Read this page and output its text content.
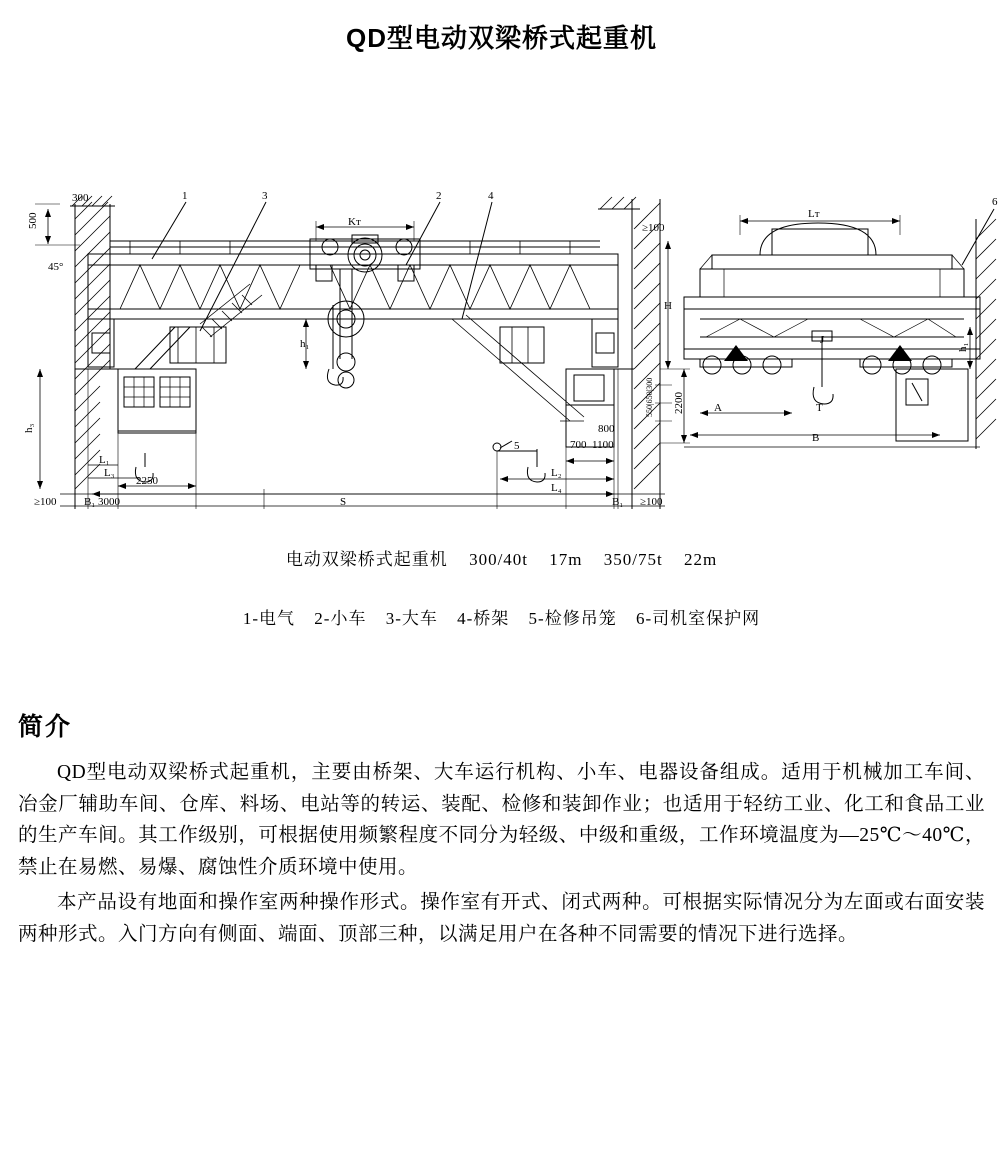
QD型电动双梁桥式起重机
1	3	2	4
5
6
500
300
45°
h₃
L₁
L₃
2250
≥100 B₁ 3000	S
L₂
L₄
B₁ ≥100
700 1100
800
Kт
h₁
H
≥100
2200
550|650|300
Lт
h₁
A	T
B
J
电动双梁桥式起重机 300/40t 17m 350/75t 22m
1-电气 2-小车 3-大车 4-桥架 5-检修吊笼 6-司机室保护网
简介

QD型电动双梁桥式起重机，主要由桥架、大车运行机构、小车、电器设备组成。适用于机械加工车间、冶金厂辅助车间、仓库、料场、电站等的转运、装配、检修和装卸作业；也适用于轻纺工业、化工和食品工业的生产车间。其工作级别，可根据使用频繁程度不同分为轻级、中级和重级，工作环境温度为—25℃～40℃，禁止在易燃、易爆、腐蚀性介质环境中使用。

本产品设有地面和操作室两种操作形式。操作室有开式、闭式两种。可根据实际情况分为左面或右面安装两种形式。入门方向有侧面、端面、顶部三种，以满足用户在各种不同需要的情况下进行选择。
